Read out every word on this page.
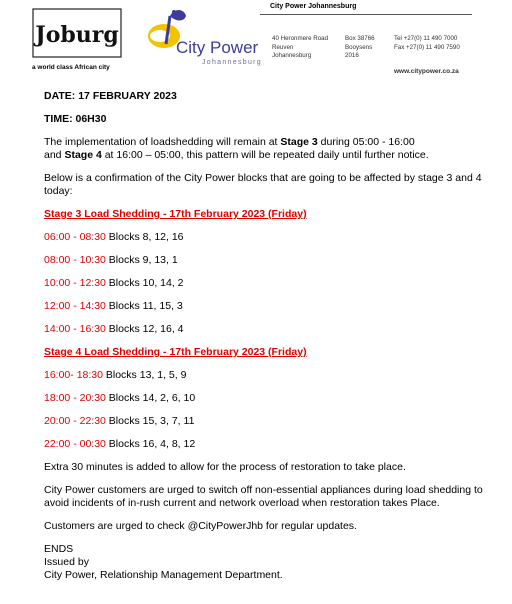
Joburg
a world class African city
City Power
Johannesburg
City Power Johannesburg
40 Heronmere Road
Reuven
Johannesburg
Box 38766
Booysens
2016
Tel +27(0) 11 490 7000
Fax +27(0) 11 490 7590
www.citypower.co.za

DATE: 17 FEBRUARY 2023

TIME: 06H30

The implementation of loadshedding will remain at Stage 3 during 05:00 - 16:00
and Stage 4 at 16:00 – 05:00, this pattern will be repeated daily until further notice.

Below is a confirmation of the City Power blocks that are going to be affected by stage 3 and 4 today:

Stage 3 Load Shedding - 17th February 2023 (Friday)

06:00 - 08:30 Blocks 8, 12, 16

08:00 - 10:30 Blocks 9, 13, 1

10:00 - 12:30 Blocks 10, 14, 2

12:00 - 14:30 Blocks 11, 15, 3

14:00 - 16:30 Blocks 12, 16, 4

Stage 4 Load Shedding - 17th February 2023 (Friday)

16:00- 18:30 Blocks 13, 1, 5, 9

18:00 - 20:30 Blocks 14, 2, 6, 10

20:00 - 22:30 Blocks 15, 3, 7, 11

22:00 - 00:30 Blocks 16, 4, 8, 12

Extra 30 minutes is added to allow for the process of restoration to take place.

City Power customers are urged to switch off non-essential appliances during load shedding to avoid incidents of in-rush current and network overload when restoration takes Place.

Customers are urged to check @CityPowerJhb for regular updates.

ENDS
Issued by
City Power, Relationship Management Department.
